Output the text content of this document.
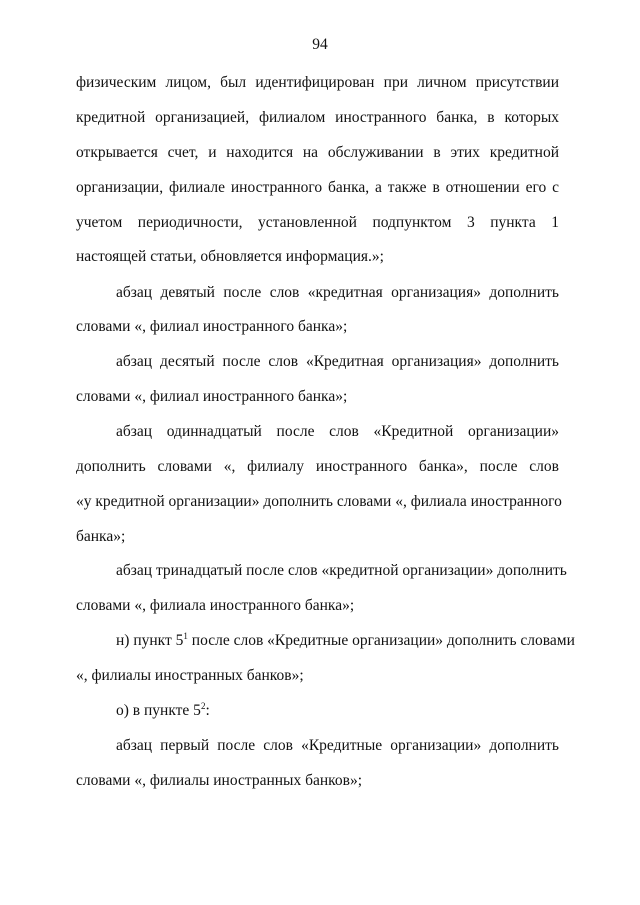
94
физическим лицом, был идентифицирован при личном присутствии
кредитной организацией, филиалом иностранного банка, в которых
открывается счет, и находится на обслуживании в этих кредитной
организации, филиале иностранного банка, а также в отношении его с
учетом периодичности, установленной подпунктом 3 пункта 1
настоящей статьи, обновляется информация.»;
абзац девятый после слов «кредитная организация» дополнить
словами «, филиал иностранного банка»;
абзац десятый после слов «Кредитная организация» дополнить
словами «, филиал иностранного банка»;
абзац одиннадцатый после слов «Кредитной организации»
дополнить словами «, филиалу иностранного банка», после слов
«у кредитной организации» дополнить словами «, филиала иностранного
банка»;
абзац тринадцатый после слов «кредитной организации» дополнить
словами «, филиала иностранного банка»;
н) пункт $5^1$ после слов «Кредитные организации» дополнить словами
«, филиалы иностранных банков»;
о) в пункте $5^2$:
абзац первый после слов «Кредитные организации» дополнить
словами «, филиалы иностранных банков»;
